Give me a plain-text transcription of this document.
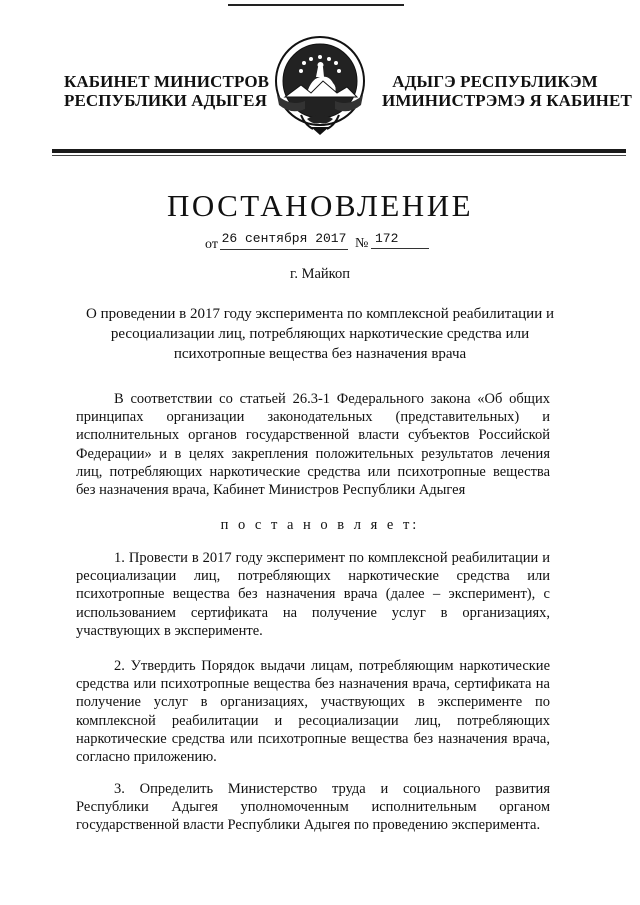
КАБИНЕТ МИНИСТРОВ
РЕСПУБЛИКИ АДЫГЕЯ
АДЫГЭ РЕСПУБЛИКЭМ
ИМИНИСТРЭМЭ Я КАБИНЕТ
ПОСТАНОВЛЕНИЕ
от 26 сентября 2017 № 172
г. Майкоп
О проведении в 2017 году эксперимента по комплексной реабилитации и ресоциализации лиц, потребляющих наркотические средства или психотропные вещества без назначения врача

В соответствии со статьей 26.3-1 Федерального закона «Об общих принципах организации законодательных (представительных) и исполнительных органов государственной власти субъектов Российской Федерации» и в целях закрепления положительных результатов лечения лиц, потребляющих наркотические средства или психотропные вещества без назначения врача, Кабинет Министров Республики Адыгея

п о с т а н о в л я е т:

1. Провести в 2017 году эксперимент по комплексной реабилитации и ресоциализации лиц, потребляющих наркотические средства или психотропные вещества без назначения врача (далее – эксперимент), с использованием сертификата на получение услуг в организациях, участвующих в эксперименте.

2. Утвердить Порядок выдачи лицам, потребляющим наркотические средства или психотропные вещества без назначения врача, сертификата на получение услуг в организациях, участвующих в эксперименте по комплексной реабилитации и ресоциализации лиц, потребляющих наркотические средства или психотропные вещества без назначения врача, согласно приложению.

3. Определить Министерство труда и социального развития Республики Адыгея уполномоченным исполнительным органом государственной власти Республики Адыгея по проведению эксперимента.
